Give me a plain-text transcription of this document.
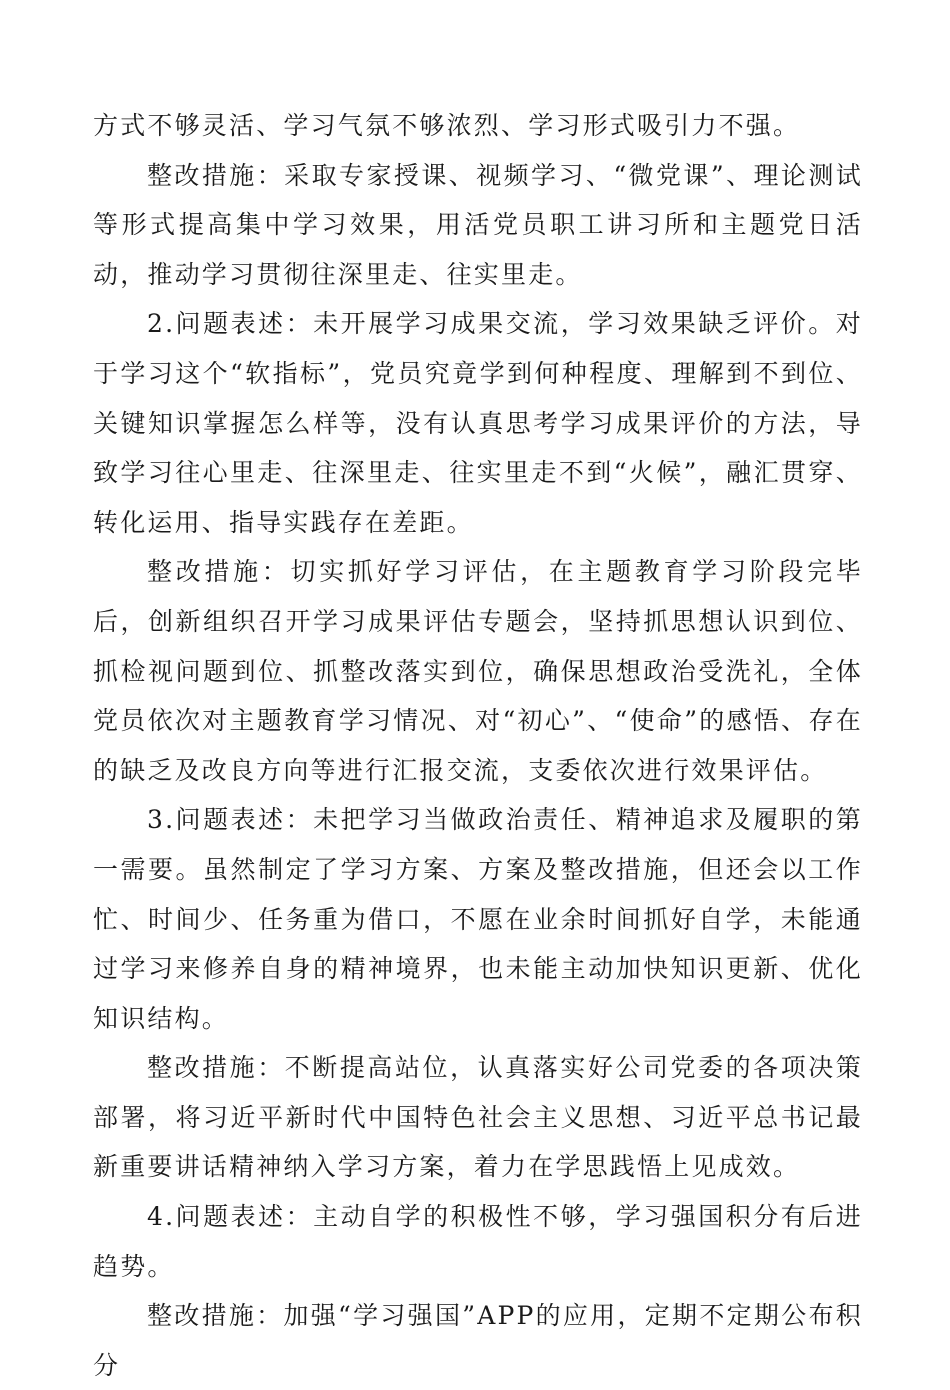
方式不够灵活、学习气氛不够浓烈、学习形式吸引力不强。

整改措施：采取专家授课、视频学习、“微党课”、理论测试等形式提高集中学习效果，用活党员职工讲习所和主题党日活动，推动学习贯彻往深里走、往实里走。

2.问题表述：未开展学习成果交流，学习效果缺乏评价。对于学习这个“软指标”，党员究竟学到何种程度、理解到不到位、关键知识掌握怎么样等，没有认真思考学习成果评价的方法，导致学习往心里走、往深里走、往实里走不到“火候”，融汇贯穿、转化运用、指导实践存在差距。

整改措施：切实抓好学习评估，在主题教育学习阶段完毕后，创新组织召开学习成果评估专题会，坚持抓思想认识到位、抓检视问题到位、抓整改落实到位，确保思想政治受洗礼，全体党员依次对主题教育学习情况、对“初心”、“使命”的感悟、存在的缺乏及改良方向等进行汇报交流，支委依次进行效果评估。

3.问题表述：未把学习当做政治责任、精神追求及履职的第一需要。虽然制定了学习方案、方案及整改措施，但还会以工作忙、时间少、任务重为借口，不愿在业余时间抓好自学，未能通过学习来修养自身的精神境界，也未能主动加快知识更新、优化知识结构。

整改措施：不断提高站位，认真落实好公司党委的各项决策部署，将习近平新时代中国特色社会主义思想、习近平总书记最新重要讲话精神纳入学习方案，着力在学思践悟上见成效。

4.问题表述：主动自学的积极性不够，学习强国积分有后进趋势。

整改措施：加强“学习强国”APP的应用，定期不定期公布积分
